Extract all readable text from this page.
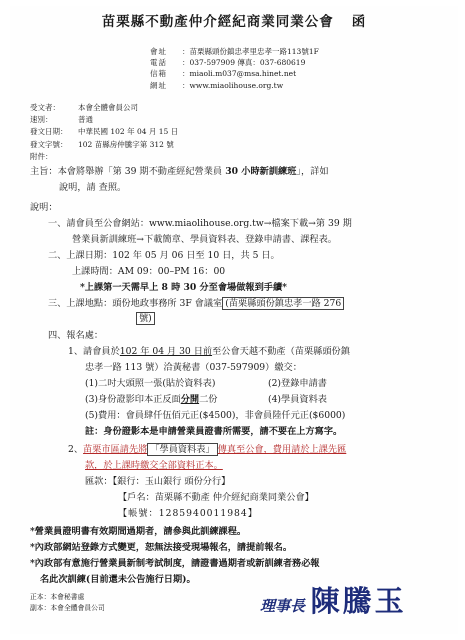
苗栗縣不動產仲介經紀商業同業公會 函
會址 ：苗栗縣頭份鎮忠孝里忠孝一路113號1F
電話 ：037-597909 傳真：037-680619
信箱 ：miaoli.m037@msa.hinet.net
網址 ：www.miaolihouse.org.tw
受文者： 本會全體會員公司
速別：	普通
發文日期： 中華民國 102 年 04 月 15 日
發文字號： 102 苗縣房仲騰字第 312 號
附件：
主旨：本會將舉辦「第 39 期不動產經紀營業員 30 小時新訓練班」，詳如
說明，請 查照。
說明：
一、請會員至公會網站：www.miaolihouse.org.tw→檔案下載→第 39 期
營業員新訓練班→下載簡章、學員資料表、登錄申請書、課程表。
二、上課日期：102 年 05 月 06 日至 10 日，共 5 日。
上課時間：AM 09：00–PM 16：00
*上課第一天需早上 8 時 30 分至會場做報到手續*
三、上課地點：頭份地政事務所 3F 會議室 (苗栗縣頭份鎮忠孝一路 276
號)
四、報名處：
1、請會員於102 年 04 月 30 日前至公會天越不動產（苗栗縣頭份鎮
忠孝一路 113 號）洽黃秘書（037-597909）繳交：
(1)二吋大頭照一張(貼於資料表)	(2)登錄申請書
(3)身份證影印本正反面分開二份	(4)學員資料表
(5)費用：會員肆仟伍佰元正($4500)，非會員陸仟元正($6000)
註：身份證影本是申請營業員證書所需要，請不要在上方寫字。
2、苗栗市區請先將 「學員資料表」 傳真至公會，費用請於上課先匯
款，於上課時繳交全部資料正本。
匯款：【銀行：玉山銀行 頭份分行】
【戶名：苗栗縣不動產 仲介經紀商業同業公會】
【帳號：1285940011984】
*營業員證明書有效期間過期者，請參與此訓練課程。
*內政部網站登錄方式變更，恕無法接受現場報名，請提前報名。
*內政部有意施行營業員新制考試制度，請證書過期者或新訓練者務必報
名此次訓練(目前還未公告施行日期)。
正本：本會秘書處
副本：本會全體會員公司	理事長 陳騰玉
